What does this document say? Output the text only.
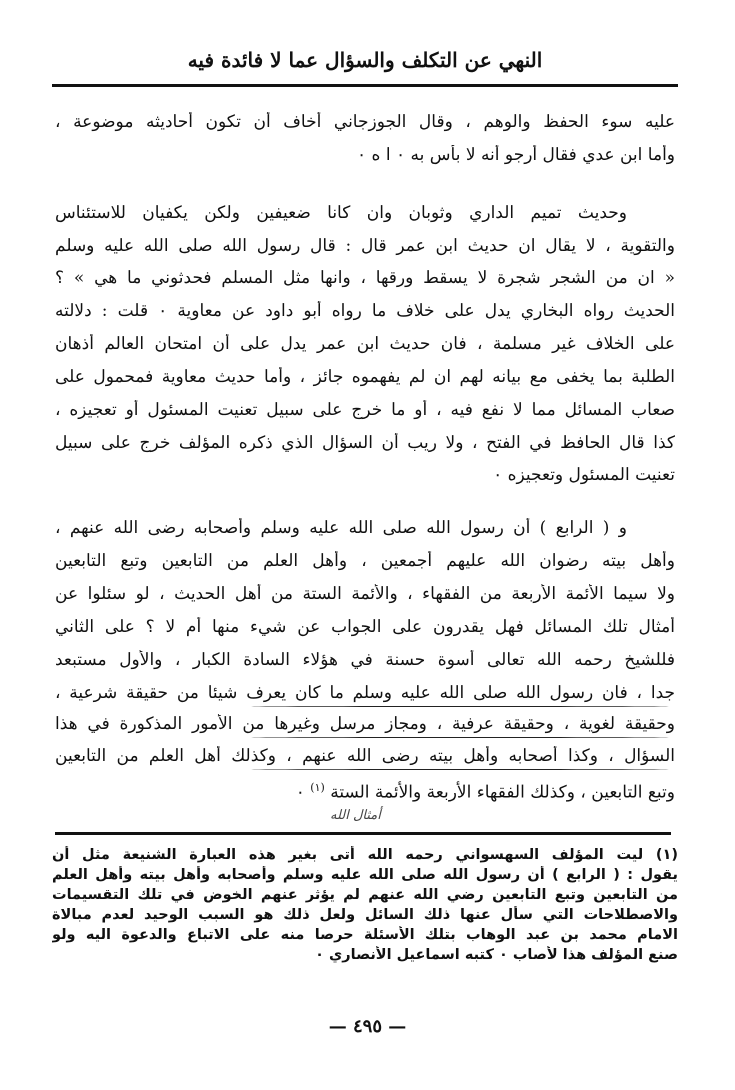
النهي عن التكلف والسؤال عما لا فائدة فيه
عليه سوء الحفظ والوهم ، وقال الجوزجاني أخاف أن تكون أحاديثه موضوعة ،
وأما ابن عدي فقال أرجو أنه لا بأس به ٠ ا ه ٠
وحديث تميم الداري وثوبان وان كانا ضعيفين ولكن يكفيان للاستئناس
والتقوية ، لا يقال ان حديث ابن عمر قال : قال رسول الله صلى الله عليه وسلم
« ان من الشجر شجرة لا يسقط ورقها ، وانها مثل المسلم فحدثوني ما هي » ؟
الحديث رواه البخاري يدل على خلاف ما رواه أبو داود عن معاوية ٠ قلت : دلالته
على الخلاف غير مسلمة ، فان حديث ابن عمر يدل على أن امتحان العالم أذهان
الطلبة بما يخفى مع بيانه لهم ان لم يفهموه جائز ، وأما حديث معاوية فمحمول على
صعاب المسائل مما لا نفع فيه ، أو ما خرج على سبيل تعنيت المسئول أو تعجيزه ،
كذا قال الحافظ في الفتح ، ولا ريب أن السؤال الذي ذكره المؤلف خرج على سبيل
تعنيت المسئول وتعجيزه ٠
و ( الرابع ) أن رسول الله صلى الله عليه وسلم وأصحابه رضى الله عنهم ،
وأهل بيته رضوان الله عليهم أجمعين ، وأهل العلم من التابعين وتبع التابعين
ولا سيما الأئمة الأربعة من الفقهاء ، والأئمة الستة من أهل الحديث ، لو سئلوا عن
أمثال تلك المسائل فهل يقدرون على الجواب عن شيء منها أم لا ؟ على الثاني
فللشيخ رحمه الله تعالى أسوة حسنة في هؤلاء السادة الكبار ، والأول مستبعد
جدا ، فان رسول الله صلى الله عليه وسلم ما كان يعرف شيئا من حقيقة شرعية ،
وحقيقة لغوية ، وحقيقة عرفية ، ومجاز مرسل وغيرها من الأمور المذكورة في هذا
السؤال ، وكذا أصحابه وأهل بيته رضى الله عنهم ، وكذلك أهل العلم من التابعين
وتبع التابعين ، وكذلك الفقهاء الأربعة والأئمة الستة $^{(١)}$ ٠
أمثال الله
(١) ليت المؤلف السهسواني رحمه الله أتى بغير هذه العبارة الشنيعة مثل أن
يقول : ( الرابع ) أن رسول الله صلى الله عليه وسلم وأصحابه وأهل بيته وأهل العلم
من التابعين وتبع التابعين رضي الله عنهم لم يؤثر عنهم الخوض في تلك التقسيمات
والاصطلاحات التي سأل عنها ذلك السائل ولعل ذلك هو السبب الوحيد لعدم مبالاة
الامام محمد بن عبد الوهاب بتلك الأسئلة حرصا منه على الاتباع والدعوة اليه ولو
صنع المؤلف هذا لأصاب ٠ كتبه اسماعيل الأنصاري ٠
— ٤٩٥ —
